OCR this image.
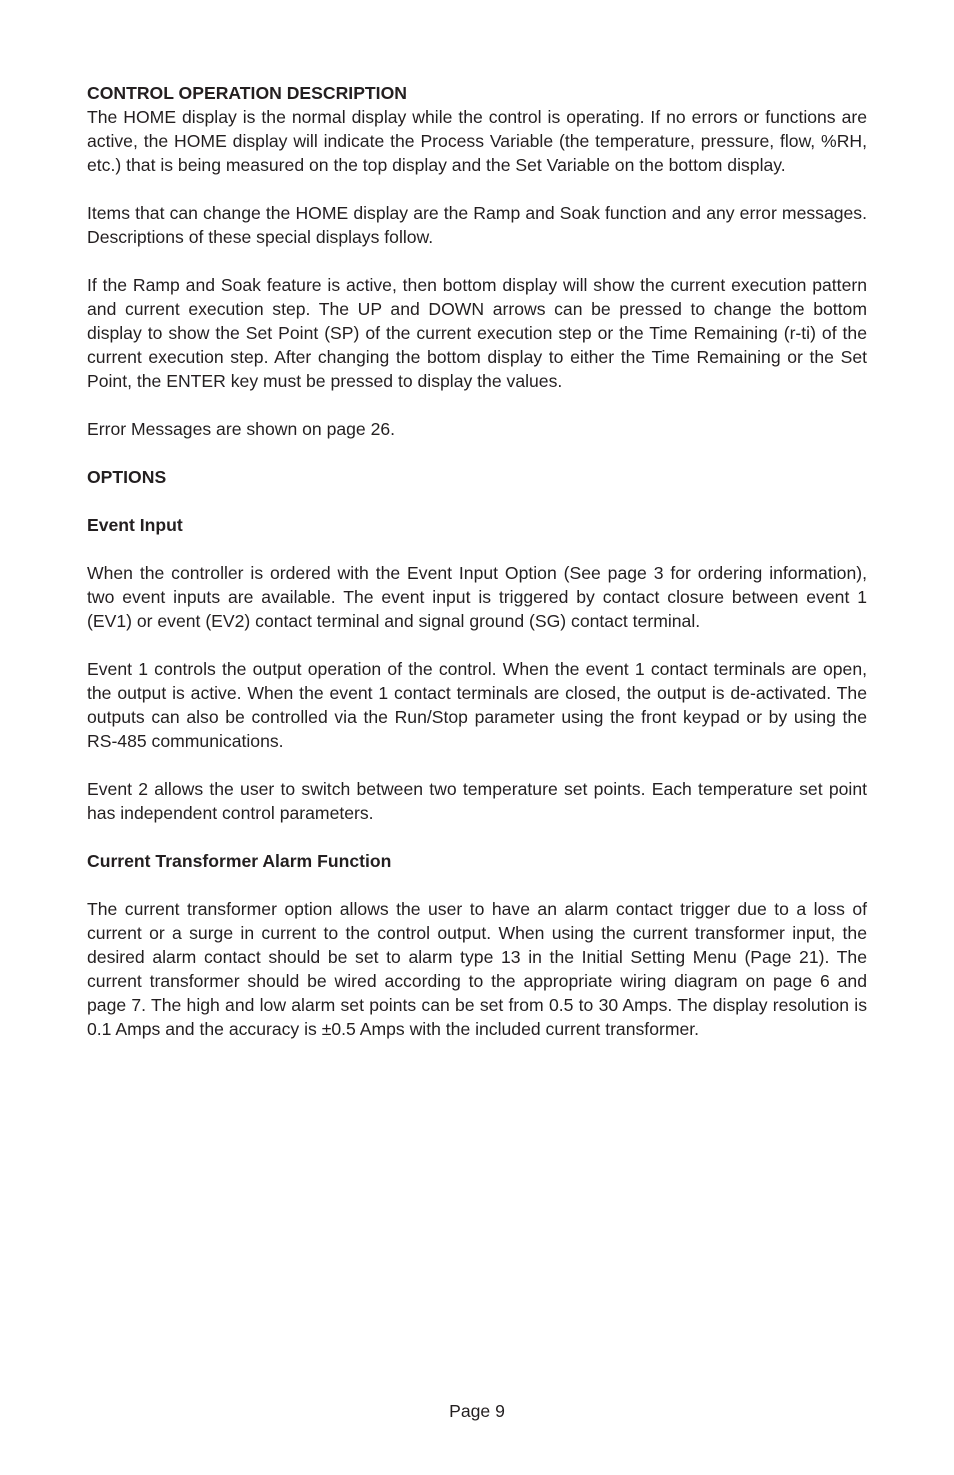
CONTROL OPERATION DESCRIPTION

The HOME display is the normal display while the control is operating. If no errors or functions are active, the HOME display will indicate the Process Variable (the temperature, pressure, flow, %RH, etc.) that is being measured on the top display and the Set Variable on the bottom display.

Items that can change the HOME display are the Ramp and Soak function and any error messages. Descriptions of these special displays follow.

If the Ramp and Soak feature is active, then bottom display will show the current execution pattern and current execution step. The UP and DOWN arrows can be pressed to change the bottom display to show the Set Point (SP) of the current execution step or the Time Remaining (r-ti) of the current execution step. After changing the bottom display to either the Time Remaining or the Set Point, the ENTER key must be pressed to display the values.

Error Messages are shown on page 26.

OPTIONS

Event Input

When the controller is ordered with the Event Input Option (See page 3 for ordering information), two event inputs are available. The event input is triggered by contact closure between event 1 (EV1) or event (EV2) contact terminal and signal ground (SG) contact terminal.

Event 1 controls the output operation of the control. When the event 1 contact terminals are open, the output is active. When the event 1 contact terminals are closed, the output is de-activated. The outputs can also be controlled via the Run/Stop parameter using the front keypad or by using the RS-485 communications.

Event 2 allows the user to switch between two temperature set points. Each temperature set point has independent control parameters.

Current Transformer Alarm Function

The current transformer option allows the user to have an alarm contact trigger due to a loss of current or a surge in current to the control output. When using the current transformer input, the desired alarm contact should be set to alarm type 13 in the Initial Setting Menu (Page 21). The current transformer should be wired according to the appropriate wiring diagram on page 6 and page 7. The high and low alarm set points can be set from 0.5 to 30 Amps. The display resolution is 0.1 Amps and the accuracy is ±0.5 Amps with the included current transformer.

Page 9
